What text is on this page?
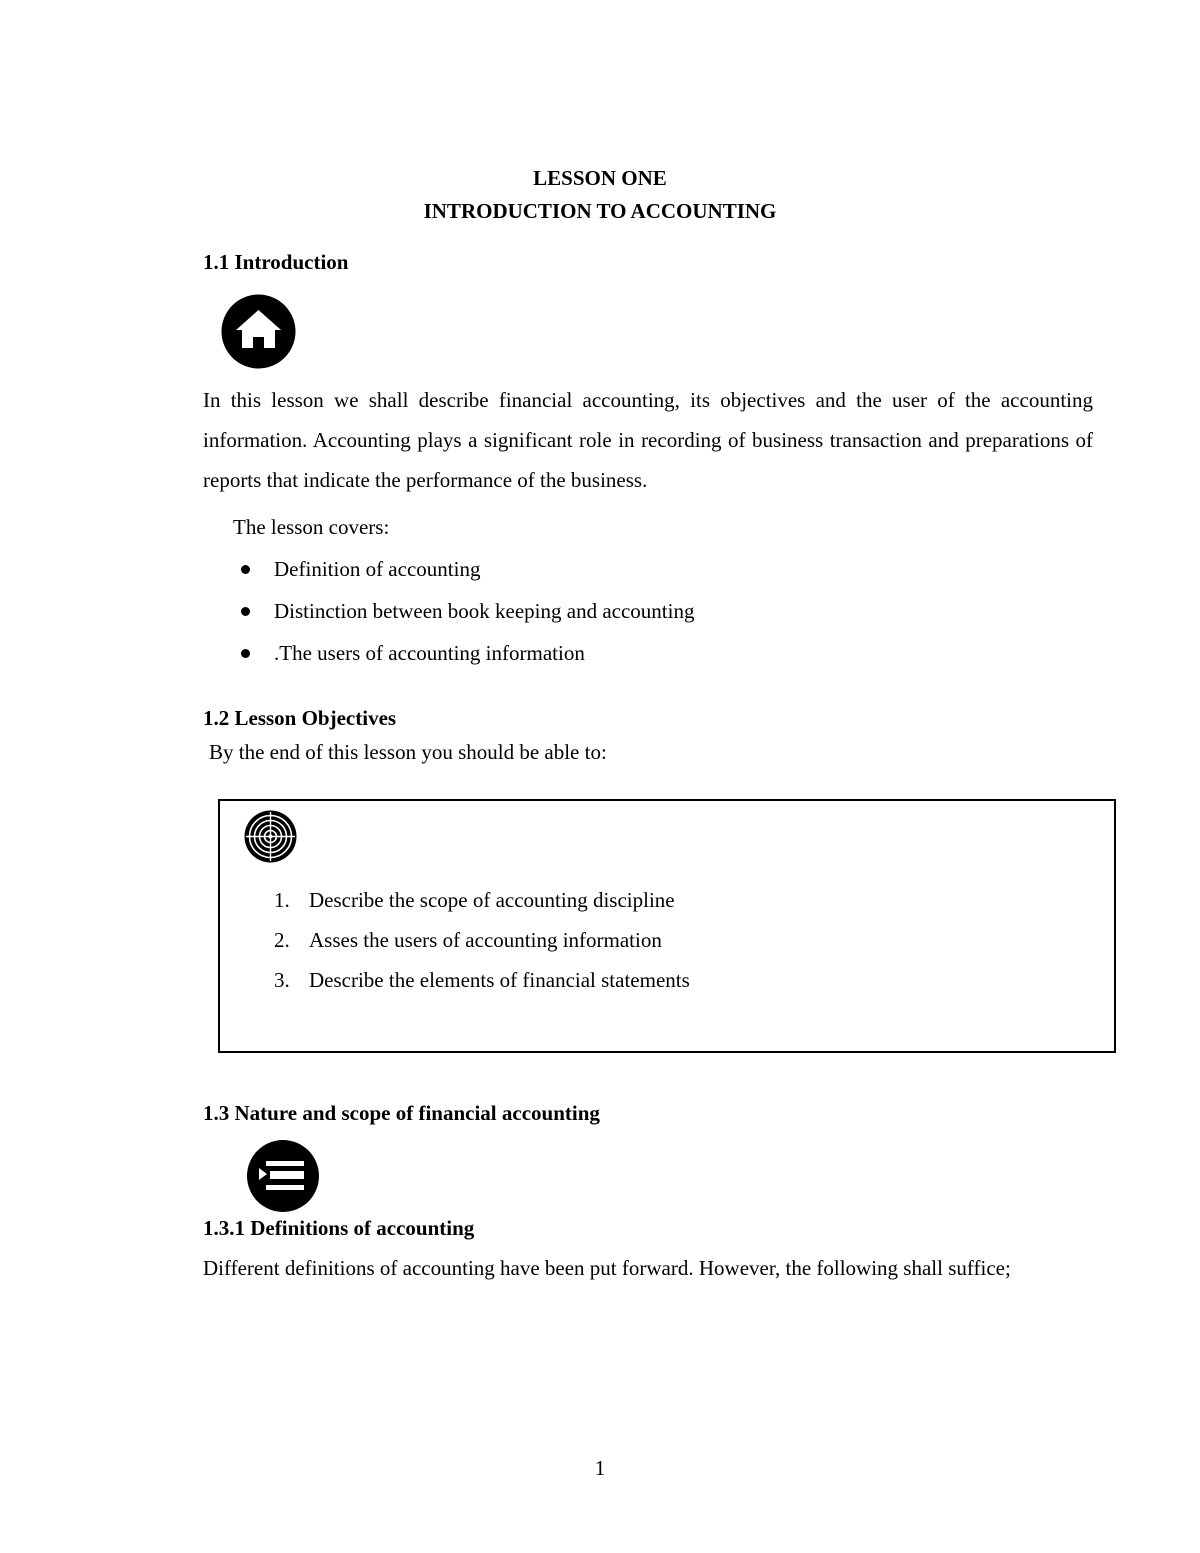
LESSON ONE
INTRODUCTION TO ACCOUNTING
1.1 Introduction

In this lesson we shall describe financial accounting, its objectives and the user of the accounting information. Accounting plays a significant role in recording of business transaction and preparations of reports that indicate the performance of the business.

The lesson covers:
Definition of accounting
Distinction between book keeping and accounting
.The users of accounting information
1.2 Lesson Objectives
By the end of this lesson you should be able to:
1. Describe the scope of accounting discipline
2. Asses the users of accounting information
3. Describe the elements of financial statements
1.3 Nature and scope of financial accounting
1.3.1 Definitions of accounting

Different definitions of accounting have been put forward. However, the following shall suffice;

1
